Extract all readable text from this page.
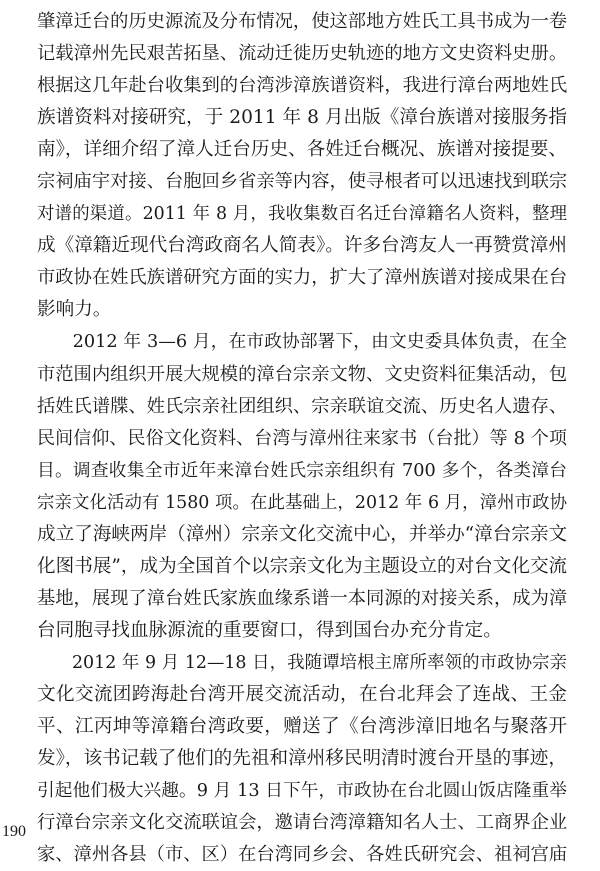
肇漳迁台的历史源流及分布情况，使这部地方姓氏工具书成为一卷
记载漳州先民艰苦拓垦、流动迁徙历史轨迹的地方文史资料史册。
根据这几年赴台收集到的台湾涉漳族谱资料，我进行漳台两地姓氏
族谱资料对接研究，于 2011 年 8 月出版《漳台族谱对接服务指
南》，详细介绍了漳人迁台历史、各姓迁台概况、族谱对接提要、
宗祠庙宇对接、台胞回乡省亲等内容，使寻根者可以迅速找到联宗
对谱的渠道。2011 年 8 月，我收集数百名迁台漳籍名人资料，整理
成《漳籍近现代台湾政商名人简表》。许多台湾友人一再赞赏漳州
市政协在姓氏族谱研究方面的实力，扩大了漳州族谱对接成果在台
影响力。
　　2012 年 3—6 月，在市政协部署下，由文史委具体负责，在全
市范围内组织开展大规模的漳台宗亲文物、文史资料征集活动，包
括姓氏谱牒、姓氏宗亲社团组织、宗亲联谊交流、历史名人遗存、
民间信仰、民俗文化资料、台湾与漳州往来家书（台批）等 8 个项
目。调查收集全市近年来漳台姓氏宗亲组织有 700 多个，各类漳台
宗亲文化活动有 1580 项。在此基础上，2012 年 6 月，漳州市政协
成立了海峡两岸（漳州）宗亲文化交流中心，并举办“漳台宗亲文
化图书展”，成为全国首个以宗亲文化为主题设立的对台文化交流
基地，展现了漳台姓氏家族血缘系谱一本同源的对接关系，成为漳
台同胞寻找血脉源流的重要窗口，得到国台办充分肯定。
　　2012 年 9 月 12—18 日，我随谭培根主席所率领的市政协宗亲
文化交流团跨海赴台湾开展交流活动，在台北拜会了连战、王金
平、江丙坤等漳籍台湾政要，赠送了《台湾涉漳旧地名与聚落开
发》，该书记载了他们的先祖和漳州移民明清时渡台开垦的事迹，
引起他们极大兴趣。9 月 13 日下午，市政协在台北圆山饭店隆重举
行漳台宗亲文化交流联谊会，邀请台湾漳籍知名人士、工商界企业
家、漳州各县（市、区）在台湾同乡会、各姓氏研究会、祖祠宫庙
190
